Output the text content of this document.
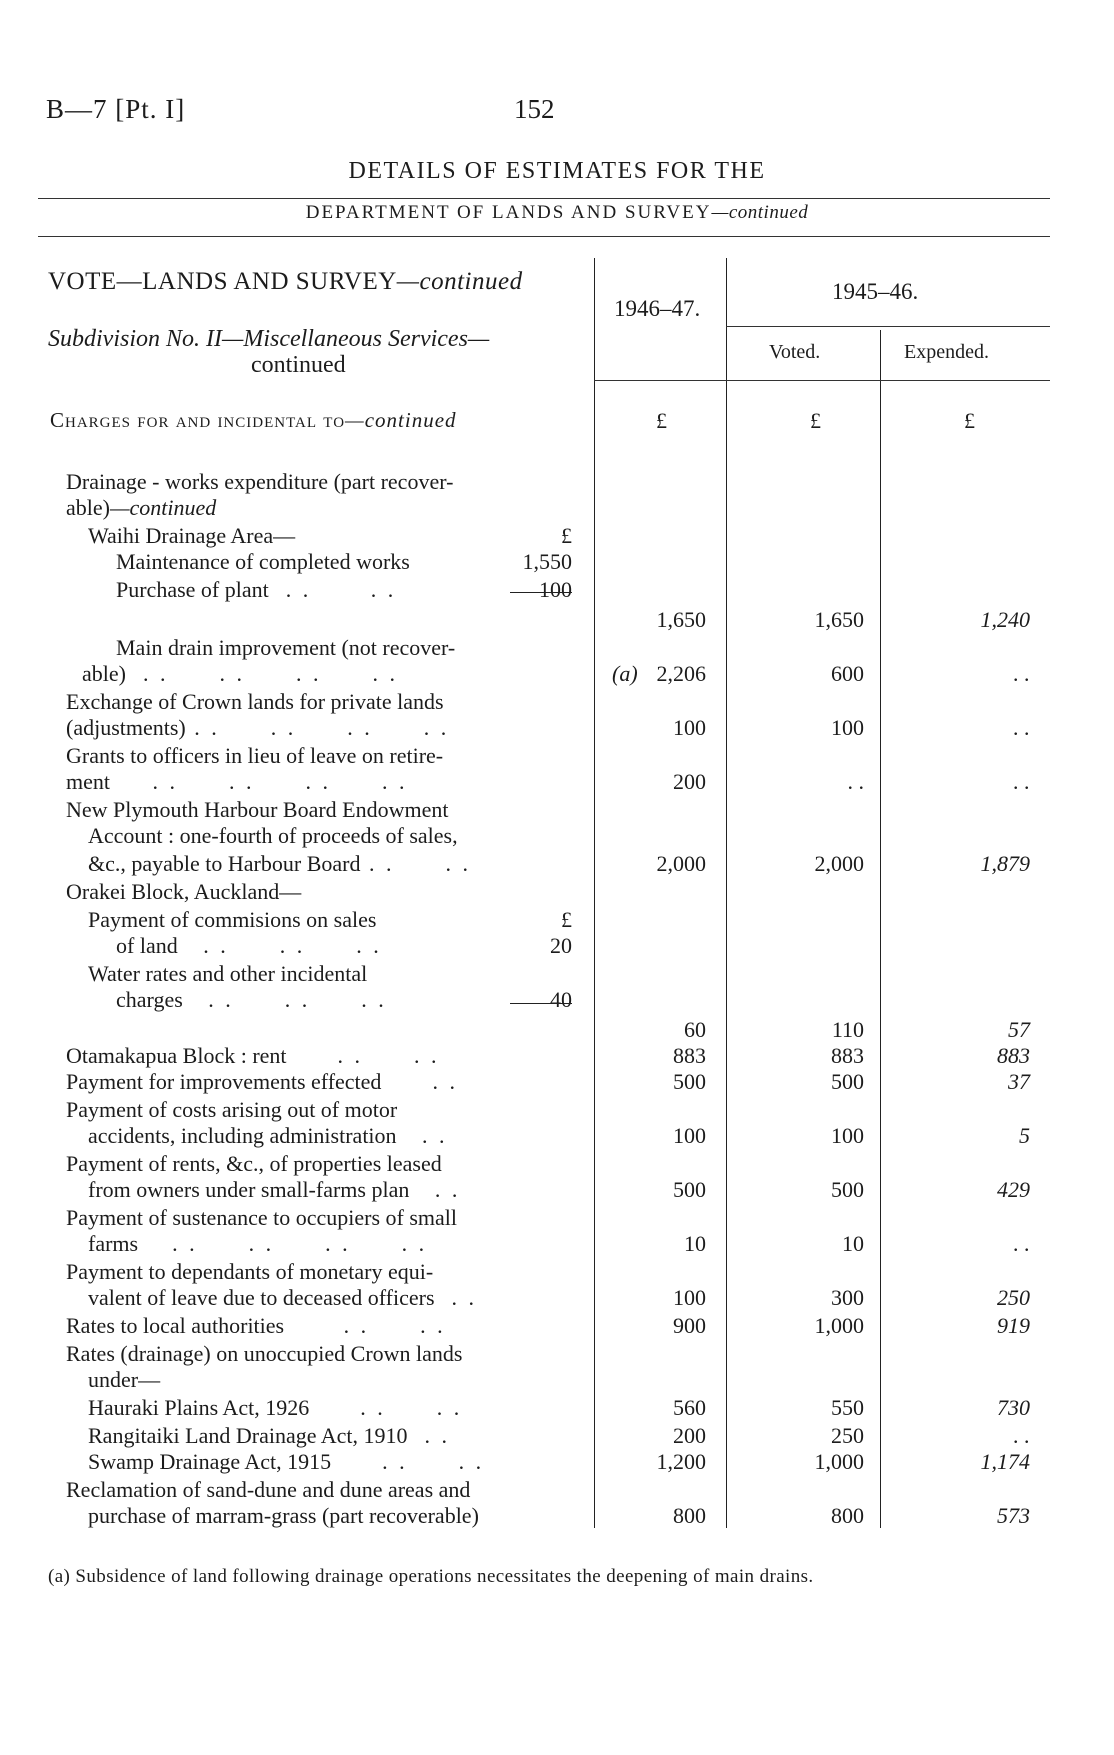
B—7 [Pt. I]	152
DETAILS OF ESTIMATES FOR THE
DEPARTMENT OF LANDS AND SURVEY—continued
VOTE—LANDS AND SURVEY—continued
Subdivision No. II—Miscellaneous Services—
continued
1946–47.
1945–46.
Voted.	Expended.
Charges for and incidental to—continued	£	£	£
Drainage - works expenditure (part recover-
able)—continued
Waihi Drainage Area—	£
Maintenance of completed works	1,550
Purchase of plant  . .       . .	100
1,650	1,650	1,240
Main drain improvement (not recover-
able)  . .      . .      . .      . .	(a) 2,206	600	. .
Exchange of Crown lands for private lands
(adjustments) . .      . .      . .      . .	100	100	. .
Grants to officers in lieu of leave on retire-
ment     . .      . .      . .      . .	200	. .	. .
New Plymouth Harbour Board Endowment
Account : one-fourth of proceeds of sales,
&c., payable to Harbour Board . .      . .	2,000	2,000	1,879
Orakei Block, Auckland—
Payment of commisions on sales	£
of land   . .      . .      . .	20
Water rates and other incidental
charges   . .      . .      . .	40
60	110	57
Otamakapua Block : rent      . .      . .	883	883	883
Payment for improvements effected      . .	500	500	37
Payment of costs arising out of motor
accidents, including administration   . .	100	100	5
Payment of rents, &c., of properties leased
from owners under small-farms plan   . .	500	500	429
Payment of sustenance to occupiers of small
farms    . .      . .      . .      . .	10	10	. .
Payment to dependants of monetary equi-
valent of leave due to deceased officers  . .	100	300	250
Rates to local authorities       . .      . .	900	1,000	919
Rates (drainage) on unoccupied Crown lands
under—
Hauraki Plains Act, 1926      . .      . .	560	550	730
Rangitaiki Land Drainage Act, 1910  . .	200	250	. .
Swamp Drainage Act, 1915      . .      . .	1,200	1,000	1,174
Reclamation of sand-dune and dune areas and
purchase of marram-grass (part recoverable)	800	800	573
(a) Subsidence of land following drainage operations necessitates the deepening of main drains.
